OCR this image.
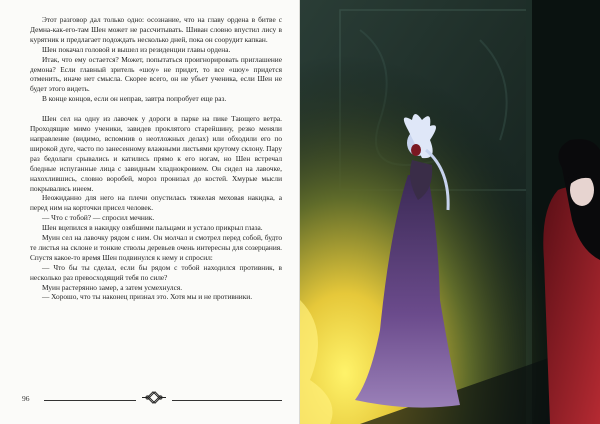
Этот разговор дал только одно: осознание, что на главу ордена в битве с Демна-как-его-там Шен может не рассчитывать. Шиван словно впустил лису в курятник и предлагает подождать несколько дней, пока он соорудит капкан.

Шен покачал головой и вышел из резиденции главы ордена.

Итак, что ему остается? Может, попытаться проигнорировать приглашение демона? Если главный зритель «шоу» не придет, то все «шоу» придется отменить, иначе нет смысла. Скорее всего, он не убьет ученика, если Шен не будет этого видеть.

В конце концов, если он неправ, завтра попробует еще раз.

Шен сел на одну из лавочек у дороги в парке на пике Тающего ветра. Проходящие мимо ученики, завидев проклятого старейшину, резко меняли направление (видимо, вспомнив о неотложных делах) или обходили его по широкой дуге, часто по занесенному влажными листьями крутому склону. Пару раз бедолаги срывались и катились прямо к его ногам, но Шен встречал бледные испуганные лица с завидным хладнокровием. Он сидел на лавочке, нахохлившись, словно воробей, мороз пронизал до костей. Хмурые мысли покрывались инеем.

Неожиданно для него на плечи опустилась тяжелая меховая накидка, а перед ним на корточки присел человек.

— Что с тобой? — спросил мечник.

Шен вцепился в накидку озябшими пальцами и устало прикрыл глаза.

Муин сел на лавочку рядом с ним. Он молчал и смотрел перед собой, будто те листья на склоне и тонкие стволы деревьев очень интересны для созерцания. Спустя какое-то время Шен подвинулся к нему и спросил:

— Что бы ты сделал, если бы рядом с тобой находился противник, в несколько раз превосходящий тебя по силе?

Муин растерянно замер, а затем усмехнулся.

— Хорошо, что ты наконец признал это. Хотя мы и не противники.

96
